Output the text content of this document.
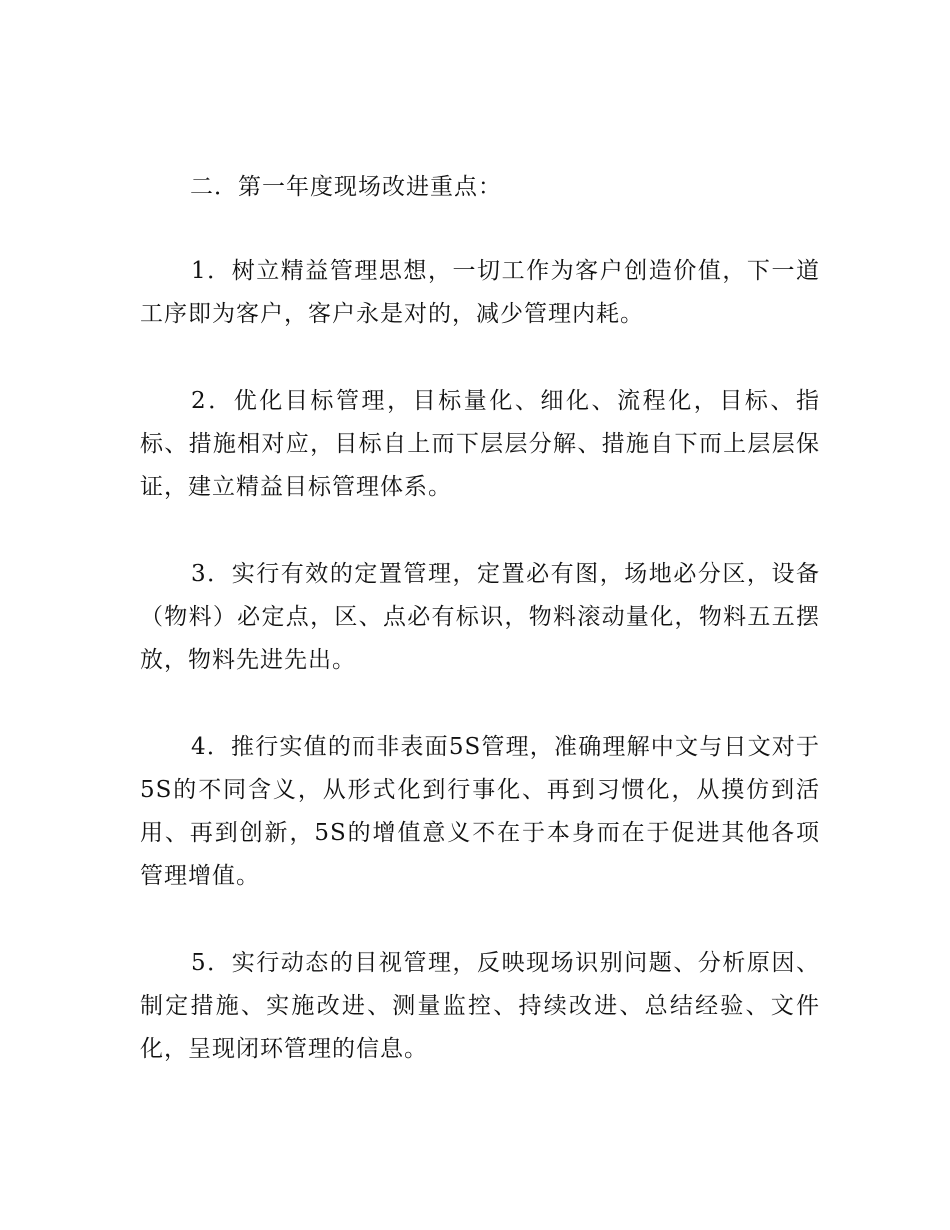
二．第一年度现场改进重点：

1．树立精益管理思想，一切工作为客户创造价值，下一道工序即为客户，客户永是对的，减少管理内耗。

2．优化目标管理，目标量化、细化、流程化，目标、指标、措施相对应，目标自上而下层层分解、措施自下而上层层保证，建立精益目标管理体系。

3．实行有效的定置管理，定置必有图，场地必分区，设备（物料）必定点，区、点必有标识，物料滚动量化，物料五五摆放，物料先进先出。

4．推行实值的而非表面5S管理，准确理解中文与日文对于5S的不同含义，从形式化到行事化、再到习惯化，从摸仿到活用、再到创新，5S的增值意义不在于本身而在于促进其他各项管理增值。

5．实行动态的目视管理，反映现场识别问题、分析原因、制定措施、实施改进、测量监控、持续改进、总结经验、文件化，呈现闭环管理的信息。
